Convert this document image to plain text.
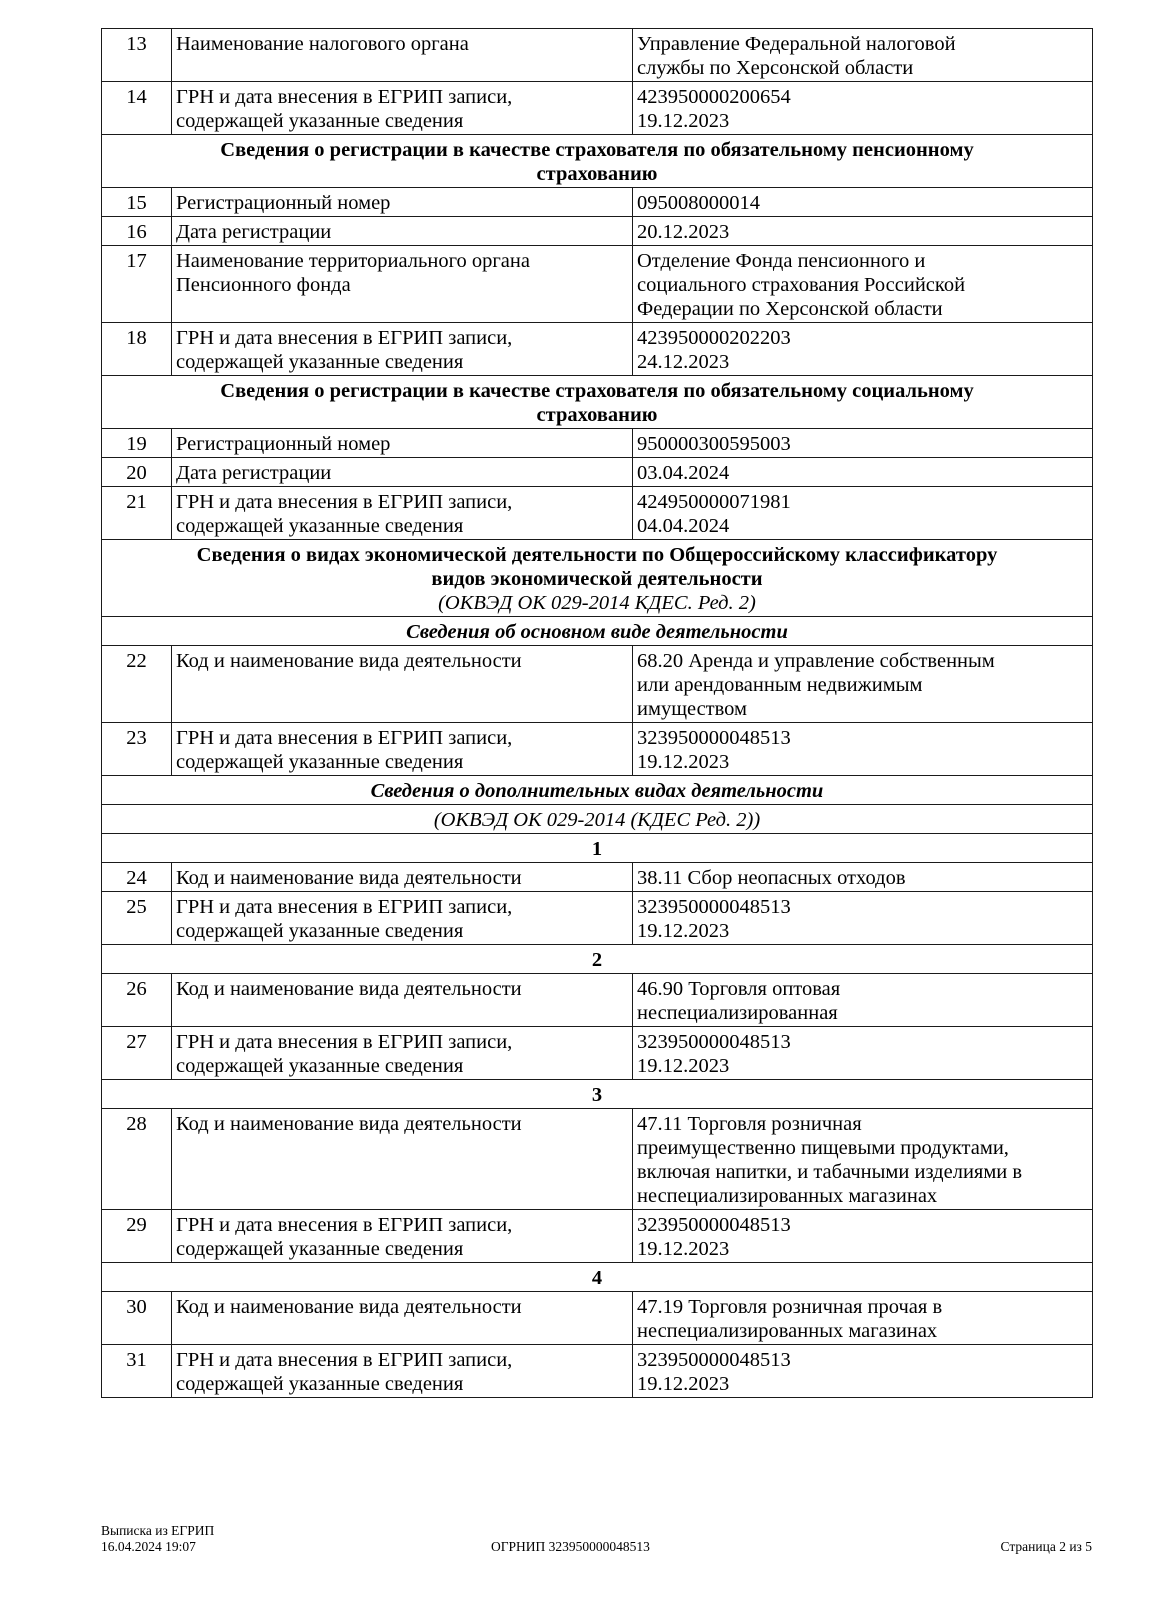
13	Наименование налогового органа	Управление Федеральной налоговой
службы по Херсонской области

14	ГРН и дата внесения в ЕГРИП записи,
содержащей указанные сведения	423950000200654
19.12.2023

Сведения о регистрации в качестве страхователя по обязательному пенсионному
страхованию		

15	Регистрационный номер	095008000014
16	Дата регистрации	20.12.2023
17	Наименование территориального органа
Пенсионного фонда	Отделение Фонда пенсионного и
социального страхования Российской
Федерации по Херсонской области

18	ГРН и дата внесения в ЕГРИП записи,
содержащей указанные сведения	423950000202203
24.12.2023

Сведения о регистрации в качестве страхователя по обязательному социальному
страхованию		

19	Регистрационный номер	950000300595003
20	Дата регистрации	03.04.2024
21	ГРН и дата внесения в ЕГРИП записи,
содержащей указанные сведения	424950000071981
04.04.2024

Сведения о видах экономической деятельности по Общероссийскому классификатору
видов экономической деятельности
(ОКВЭД ОК 029-2014 КДЕС. Ред. 2)		

Сведения об основном виде деятельности		
22	Код и наименование вида деятельности	68.20 Аренда и управление собственным
или арендованным недвижимым
имуществом

23	ГРН и дата внесения в ЕГРИП записи,
содержащей указанные сведения	323950000048513
19.12.2023

Сведения о дополнительных видах деятельности		
(ОКВЭД ОК 029-2014 (КДЕС Ред. 2))		
1		
24	Код и наименование вида деятельности	38.11 Сбор неопасных отходов
25	ГРН и дата внесения в ЕГРИП записи,
содержащей указанные сведения	323950000048513
19.12.2023

2		
26	Код и наименование вида деятельности	46.90 Торговля оптовая
неспециализированная

27	ГРН и дата внесения в ЕГРИП записи,
содержащей указанные сведения	323950000048513
19.12.2023

3		
28	Код и наименование вида деятельности	47.11 Торговля розничная
преимущественно пищевыми продуктами,
включая напитки, и табачными изделиями в
неспециализированных магазинах

29	ГРН и дата внесения в ЕГРИП записи,
содержащей указанные сведения	323950000048513
19.12.2023

4		
30	Код и наименование вида деятельности	47.19 Торговля розничная прочая в
неспециализированных магазинах

31	ГРН и дата внесения в ЕГРИП записи,
содержащей указанные сведения	323950000048513
19.12.2023
Выписка из ЕГРИП
16.04.2024 19:07	ОГРНИП 323950000048513	Страница 2 из 5
